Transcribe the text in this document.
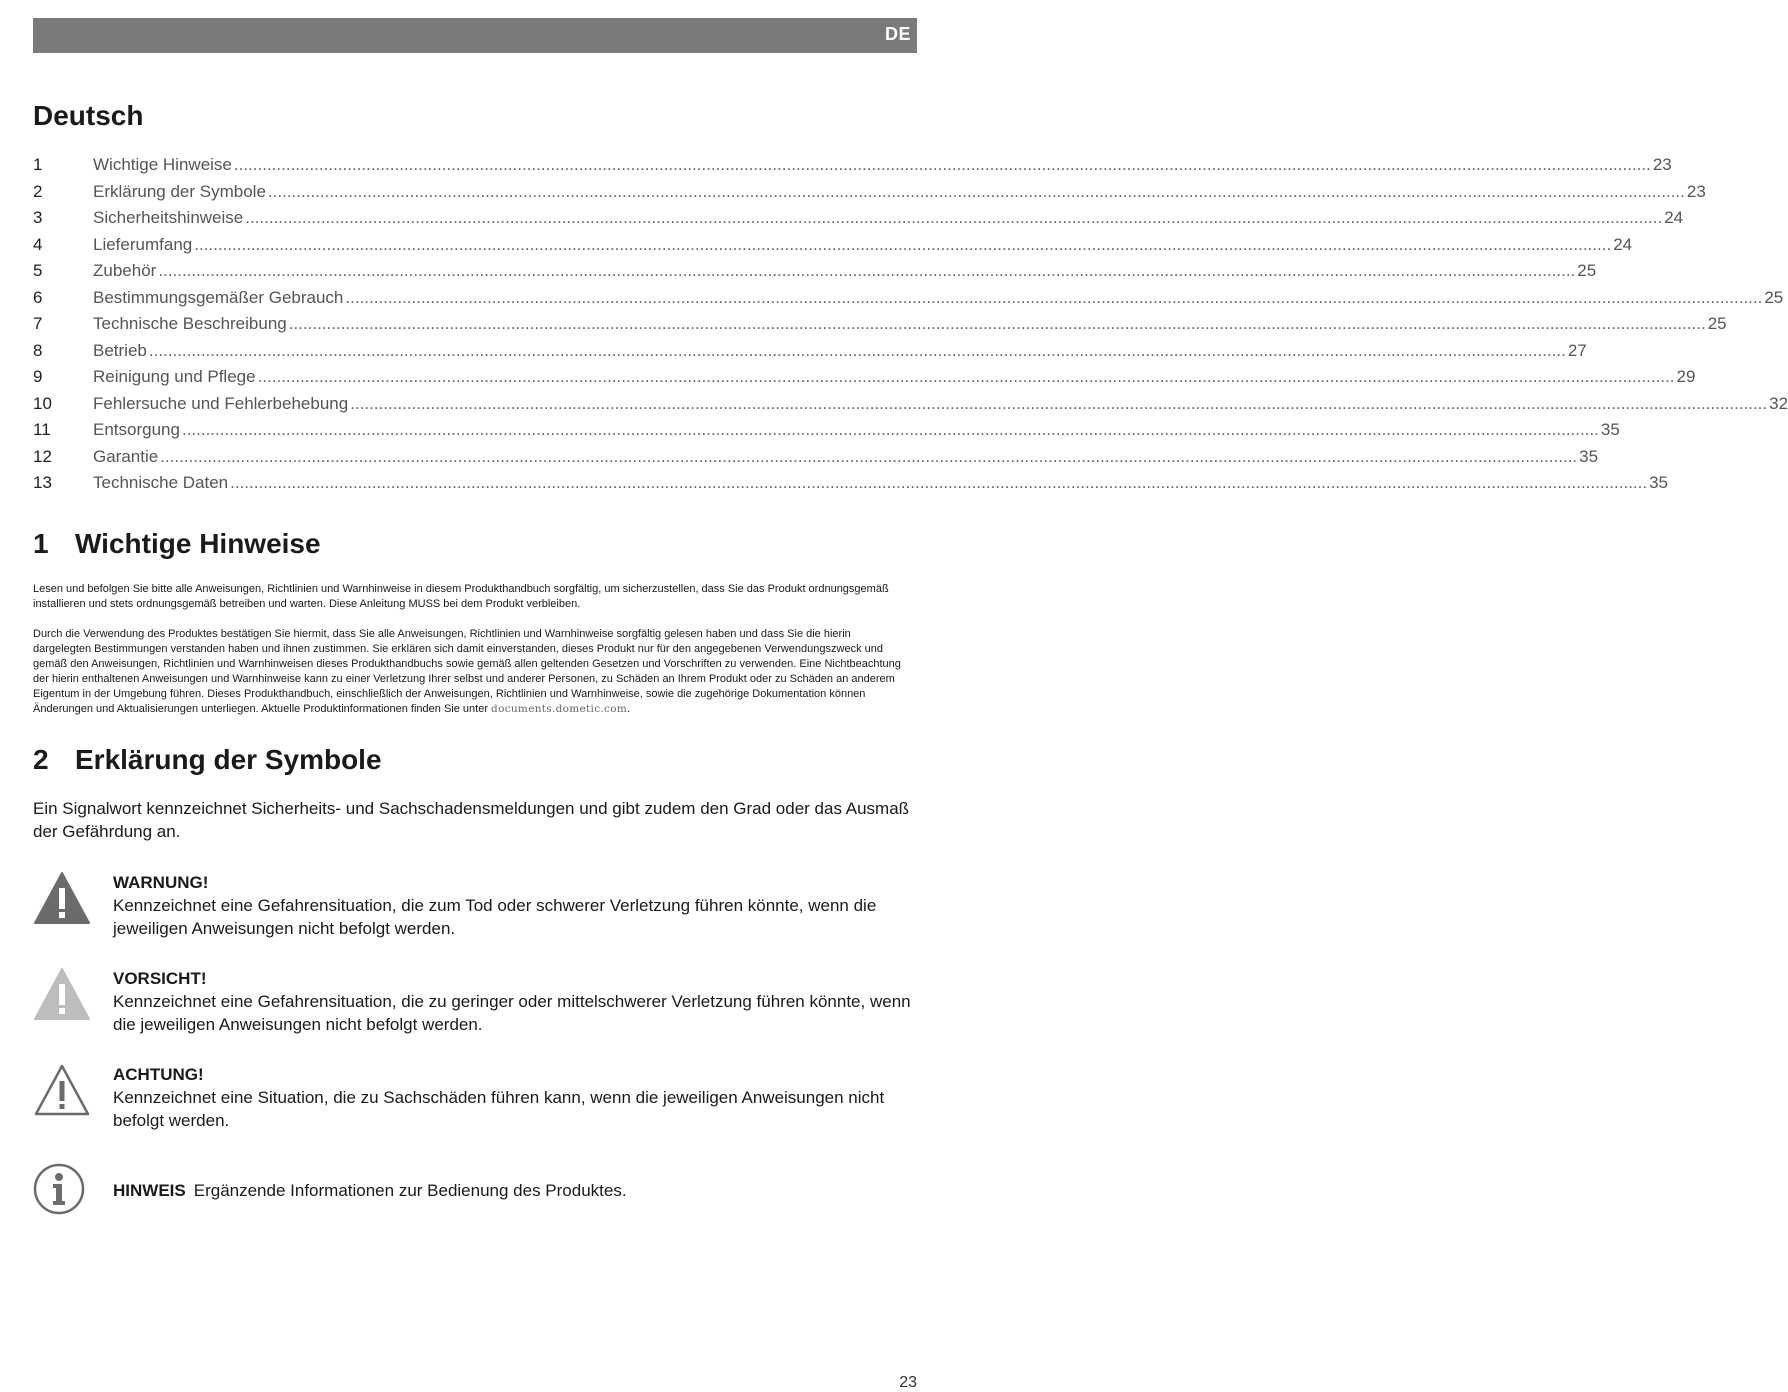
DE
Deutsch
1	Wichtige Hinweise ............................................................................................................................................................................................................................................................................................................ 23
2	Erklärung der Symbole ............................................................................................................................................................................................................................................................................................................ 23
3	Sicherheitshinweise ............................................................................................................................................................................................................................................................................................................ 24
4	Lieferumfang ............................................................................................................................................................................................................................................................................................................ 24
5	Zubehör ............................................................................................................................................................................................................................................................................................................ 25
6	Bestimmungsgemäßer Gebrauch ............................................................................................................................................................................................................................................................................................................ 25
7	Technische Beschreibung ............................................................................................................................................................................................................................................................................................................ 25
8	Betrieb ............................................................................................................................................................................................................................................................................................................ 27
9	Reinigung und Pflege ............................................................................................................................................................................................................................................................................................................ 29
10	Fehlersuche und Fehlerbehebung ............................................................................................................................................................................................................................................................................................................ 32
11	Entsorgung ............................................................................................................................................................................................................................................................................................................ 35
12	Garantie ............................................................................................................................................................................................................................................................................................................ 35
13	Technische Daten ............................................................................................................................................................................................................................................................................................................ 35
1 Wichtige Hinweise

Lesen und befolgen Sie bitte alle Anweisungen, Richtlinien und Warnhinweise in diesem Produkthandbuch sorgfältig, um sicherzustellen, dass Sie das Produkt ordnungsgemäß installieren und stets ordnungsgemäß betreiben und warten. Diese Anleitung MUSS bei dem Produkt verbleiben.

Durch die Verwendung des Produktes bestätigen Sie hiermit, dass Sie alle Anweisungen, Richtlinien und Warnhinweise sorgfältig gelesen haben und dass Sie die hierin dargelegten Bestimmungen verstanden haben und ihnen zustimmen. Sie erklären sich damit einverstanden, dieses Produkt nur für den angegebenen Verwendungszweck und gemäß den Anweisungen, Richtlinien und Warnhinweisen dieses Produkthandbuchs sowie gemäß allen geltenden Gesetzen und Vorschriften zu verwenden. Eine Nichtbeachtung der hierin enthaltenen Anweisungen und Warnhinweise kann zu einer Verletzung Ihrer selbst und anderer Personen, zu Schäden an Ihrem Produkt oder zu Schäden an anderem Eigentum in der Umgebung führen. Dieses Produkthandbuch, einschließlich der Anweisungen, Richtlinien und Warnhinweise, sowie die zugehörige Dokumentation können Änderungen und Aktualisierungen unterliegen. Aktuelle Produktinformationen finden Sie unter documents.dometic.com.

2 Erklärung der Symbole

Ein Signalwort kennzeichnet Sicherheits- und Sachschadensmeldungen und gibt zudem den Grad oder das Ausmaß der Gefährdung an.

WARNUNG!
Kennzeichnet eine Gefahrensituation, die zum Tod oder schwerer Verletzung führen könnte, wenn die jeweiligen Anweisungen nicht befolgt werden.
VORSICHT!
Kennzeichnet eine Gefahrensituation, die zu geringer oder mittelschwerer Verletzung führen könnte, wenn die jeweiligen Anweisungen nicht befolgt werden.
ACHTUNG!
Kennzeichnet eine Situation, die zu Sachschäden führen kann, wenn die jeweiligen Anweisungen nicht befolgt werden.
HINWEIS Ergänzende Informationen zur Bedienung des Produktes.
23
